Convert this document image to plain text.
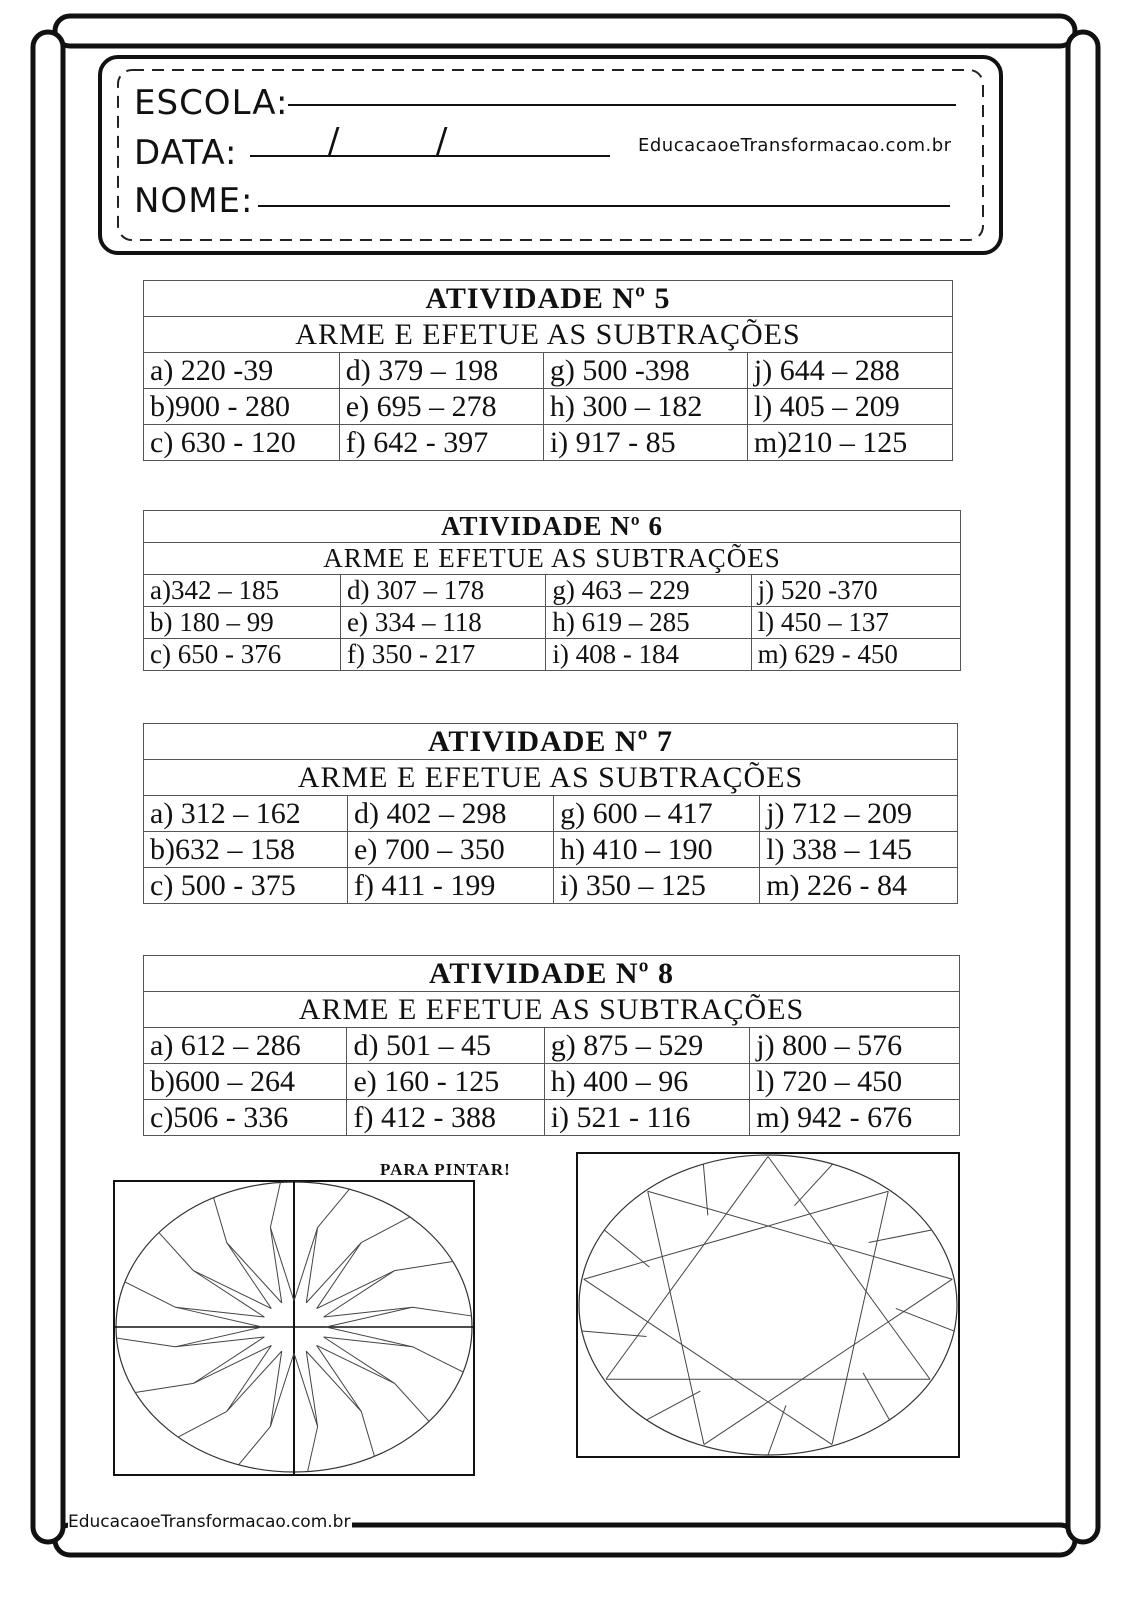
ESCOLA:
DATA:	/	/
NOME:
EducacaoeTransformacao.com.br
ATIVIDADE Nº 5			
ARME E EFETUE AS SUBTRAÇÕES			
a) 220 -39	d) 379 – 198	g) 500 -398	j) 644 – 288
b)900 - 280	e) 695 – 278	h) 300 – 182	l) 405 – 209
c) 630 - 120	f) 642 - 397	i) 917 - 85	m)210 – 125
ATIVIDADE Nº 6			
ARME E EFETUE AS SUBTRAÇÕES			
a)342 – 185	d) 307 – 178	g) 463 – 229	j) 520 -370
b) 180 – 99	e) 334 – 118	h) 619 – 285	l) 450 – 137
c) 650 - 376	f) 350 - 217	i) 408 - 184	m) 629 - 450
ATIVIDADE Nº 7			
ARME E EFETUE AS SUBTRAÇÕES			
a) 312 – 162	d) 402 – 298	g) 600 – 417	j) 712 – 209
b)632 – 158	e) 700 – 350	h) 410 – 190	l) 338 – 145
c) 500 - 375	f) 411 - 199	i) 350 – 125	m) 226 - 84
ATIVIDADE Nº 8			
ARME E EFETUE AS SUBTRAÇÕES			
a) 612 – 286	d) 501 – 45	g) 875 – 529	j) 800 – 576
b)600 – 264	e) 160 - 125	h) 400 – 96	l) 720 – 450
c)506 - 336	f) 412 - 388	i) 521 - 116	m) 942 - 676
PARA PINTAR!
EducacaoeTransformacao.com.br
